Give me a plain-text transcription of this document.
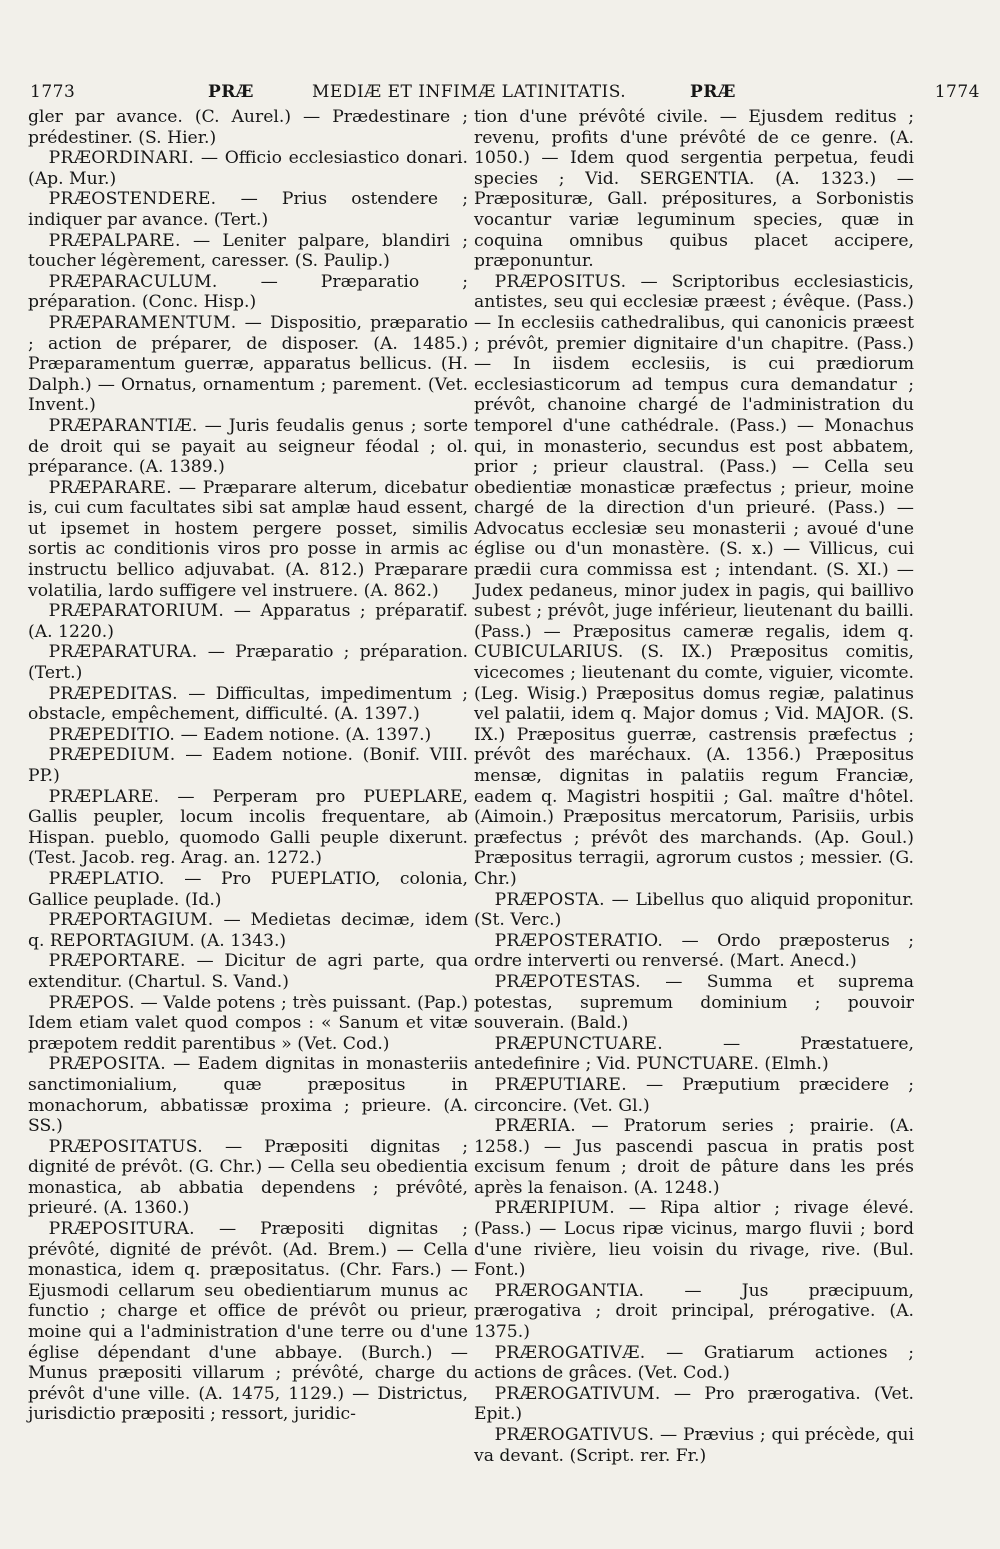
1773	PRÆ	MEDIÆ ET INFIMÆ LATINITATIS.	PRÆ	1774

gler par avance. (C. Aurel.) — Prædestinare ; prédestiner. (S. Hier.)

PRÆORDINARI. — Officio ecclesiastico donari. (Ap. Mur.)

PRÆOSTENDERE. — Prius ostendere ; indiquer par avance. (Tert.)

PRÆPALPARE. — Leniter palpare, blandiri ; toucher légèrement, caresser. (S. Paulip.)

PRÆPARACULUM. — Præparatio ; préparation. (Conc. Hisp.)

PRÆPARAMENTUM. — Dispositio, præparatio ; action de préparer, de disposer. (A. 1485.) Præparamentum guerræ, apparatus bellicus. (H. Dalph.) — Ornatus, ornamentum ; parement. (Vet. Invent.)

PRÆPARANTIÆ. — Juris feudalis genus ; sorte de droit qui se payait au seigneur féodal ; ol. préparance. (A. 1389.)

PRÆPARARE. — Præparare alterum, dicebatur is, cui cum facultates sibi sat amplæ haud essent, ut ipsemet in hostem pergere posset, similis sortis ac conditionis viros pro posse in armis ac instructu bellico adjuvabat. (A. 812.) Præparare volatilia, lardo suffigere vel instruere. (A. 862.)

PRÆPARATORIUM. — Apparatus ; préparatif. (A. 1220.)

PRÆPARATURA. — Præparatio ; préparation. (Tert.)

PRÆPEDITAS. — Difficultas, impedimentum ; obstacle, empêchement, difficulté. (A. 1397.)

PRÆPEDITIO. — Eadem notione. (A. 1397.)

PRÆPEDIUM. — Eadem notione. (Bonif. VIII. PP.)

PRÆPLARE. — Perperam pro PUEPLARE, Gallis peupler, locum incolis frequentare, ab Hispan. pueblo, quomodo Galli peuple dixerunt. (Test. Jacob. reg. Arag. an. 1272.)

PRÆPLATIO. — Pro PUEPLATIO, colonia, Gallice peuplade. (Id.)

PRÆPORTAGIUM. — Medietas decimæ, idem q. REPORTAGIUM. (A. 1343.)

PRÆPORTARE. — Dicitur de agri parte, qua extenditur. (Chartul. S. Vand.)

PRÆPOS. — Valde potens ; très puissant. (Pap.) Idem etiam valet quod compos : « Sanum et vitæ præpotem reddit parentibus » (Vet. Cod.)

PRÆPOSITA. — Eadem dignitas in monasteriis sanctimonialium, quæ præpositus in monachorum, abbatissæ proxima ; prieure. (A. SS.)

PRÆPOSITATUS. — Præpositi dignitas ; dignité de prévôt. (G. Chr.) — Cella seu obedientia monastica, ab abbatia dependens ; prévôté, prieuré. (A. 1360.)

PRÆPOSITURA. — Præpositi dignitas ; prévôté, dignité de prévôt. (Ad. Brem.) — Cella monastica, idem q. præpositatus. (Chr. Fars.) — Ejusmodi cellarum seu obedientiarum munus ac functio ; charge et office de prévôt ou prieur, moine qui a l'administration d'une terre ou d'une église dépendant d'une abbaye. (Burch.) — Munus præpositi villarum ; prévôté, charge du prévôt d'une ville. (A. 1475, 1129.) — Districtus, jurisdictio præpositi ; ressort, juridic-

tion d'une prévôté civile. — Ejusdem reditus ; revenu, profits d'une prévôté de ce genre. (A. 1050.) — Idem quod sergentia perpetua, feudi species ; Vid. SERGENTIA. (A. 1323.) — Præposituræ, Gall. prépositures, a Sorbonistis vocantur variæ leguminum species, quæ in coquina omnibus quibus placet accipere, præponuntur.

PRÆPOSITUS. — Scriptoribus ecclesiasticis, antistes, seu qui ecclesiæ præest ; évêque. (Pass.) — In ecclesiis cathedralibus, qui canonicis præest ; prévôt, premier dignitaire d'un chapitre. (Pass.) — In iisdem ecclesiis, is cui prædiorum ecclesiasticorum ad tempus cura demandatur ; prévôt, chanoine chargé de l'administration du temporel d'une cathédrale. (Pass.) — Monachus qui, in monasterio, secundus est post abbatem, prior ; prieur claustral. (Pass.) — Cella seu obedientiæ monasticæ præfectus ; prieur, moine chargé de la direction d'un prieuré. (Pass.) — Advocatus ecclesiæ seu monasterii ; avoué d'une église ou d'un monastère. (S. x.) — Villicus, cui prædii cura commissa est ; intendant. (S. XI.) — Judex pedaneus, minor judex in pagis, qui baillivo subest ; prévôt, juge inférieur, lieutenant du bailli. (Pass.) — Præpositus cameræ regalis, idem q. CUBICULARIUS. (S. IX.) Præpositus comitis, vicecomes ; lieutenant du comte, viguier, vicomte. (Leg. Wisig.) Præpositus domus regiæ, palatinus vel palatii, idem q. Major domus ; Vid. MAJOR. (S. IX.) Præpositus guerræ, castrensis præfectus ; prévôt des maréchaux. (A. 1356.) Præpositus mensæ, dignitas in palatiis regum Franciæ, eadem q. Magistri hospitii ; Gal. maître d'hôtel. (Aimoin.) Præpositus mercatorum, Parisiis, urbis præfectus ; prévôt des marchands. (Ap. Goul.) Præpositus terragii, agrorum custos ; messier. (G. Chr.)

PRÆPOSTA. — Libellus quo aliquid proponitur. (St. Verc.)

PRÆPOSTERATIO. — Ordo præposterus ; ordre interverti ou renversé. (Mart. Anecd.)

PRÆPOTESTAS. — Summa et suprema potestas, supremum dominium ; pouvoir souverain. (Bald.)

PRÆPUNCTUARE.	— Præstatuere, antedefinire ; Vid. PUNCTUARE. (Elmh.)

PRÆPUTIARE. — Præputium præcidere ; circoncire. (Vet. Gl.)

PRÆRIA. — Pratorum series ; prairie. (A. 1258.) — Jus pascendi pascua in pratis post excisum fenum ; droit de pâture dans les prés après la fenaison. (A. 1248.)

PRÆRIPIUM. — Ripa altior ; rivage élevé. (Pass.) — Locus ripæ vicinus, margo fluvii ; bord d'une rivière, lieu voisin du rivage, rive. (Bul. Font.)

PRÆROGANTIA. — Jus præcipuum, prærogativa ; droit principal, prérogative. (A. 1375.)

PRÆROGATIVÆ. — Gratiarum actiones ; actions de grâces. (Vet. Cod.)

PRÆROGATIVUM. — Pro prærogativa. (Vet. Epit.)

PRÆROGATIVUS. — Prævius ; qui précède, qui va devant. (Script. rer. Fr.)
